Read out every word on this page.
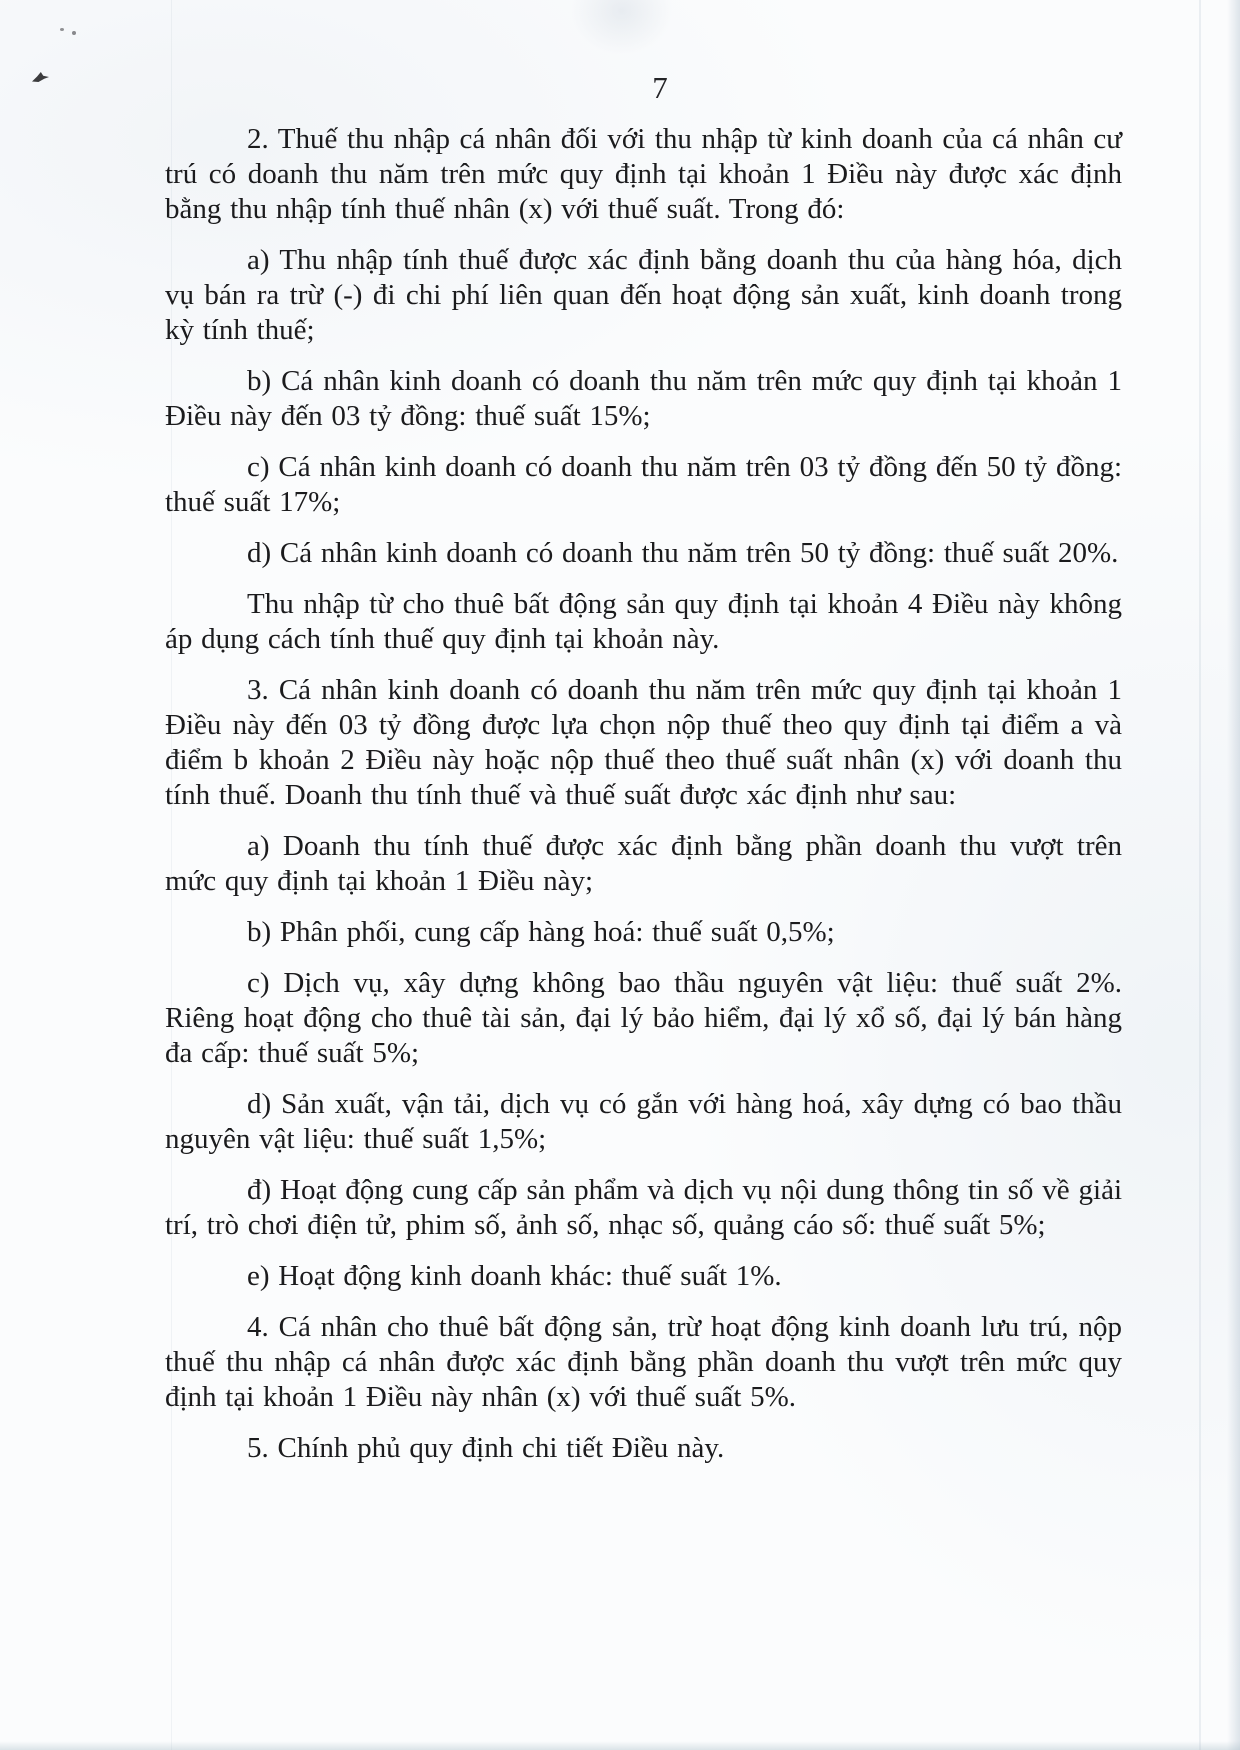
7

2. Thuế thu nhập cá nhân đối với thu nhập từ kinh doanh của cá nhân cư trú có doanh thu năm trên mức quy định tại khoản 1 Điều này được xác định bằng thu nhập tính thuế nhân (x) với thuế suất. Trong đó:

a) Thu nhập tính thuế được xác định bằng doanh thu của hàng hóa, dịch vụ bán ra trừ (-) đi chi phí liên quan đến hoạt động sản xuất, kinh doanh trong kỳ tính thuế;

b) Cá nhân kinh doanh có doanh thu năm trên mức quy định tại khoản 1 Điều này đến 03 tỷ đồng: thuế suất 15%;

c) Cá nhân kinh doanh có doanh thu năm trên 03 tỷ đồng đến 50 tỷ đồng: thuế suất 17%;

d) Cá nhân kinh doanh có doanh thu năm trên 50 tỷ đồng: thuế suất 20%.

Thu nhập từ cho thuê bất động sản quy định tại khoản 4 Điều này không áp dụng cách tính thuế quy định tại khoản này.

3. Cá nhân kinh doanh có doanh thu năm trên mức quy định tại khoản 1 Điều này đến 03 tỷ đồng được lựa chọn nộp thuế theo quy định tại điểm a và điểm b khoản 2 Điều này hoặc nộp thuế theo thuế suất nhân (x) với doanh thu tính thuế. Doanh thu tính thuế và thuế suất được xác định như sau:

a) Doanh thu tính thuế được xác định bằng phần doanh thu vượt trên mức quy định tại khoản 1 Điều này;

b) Phân phối, cung cấp hàng hoá: thuế suất 0,5%;

c) Dịch vụ, xây dựng không bao thầu nguyên vật liệu: thuế suất 2%. Riêng hoạt động cho thuê tài sản, đại lý bảo hiểm, đại lý xổ số, đại lý bán hàng đa cấp: thuế suất 5%;

d) Sản xuất, vận tải, dịch vụ có gắn với hàng hoá, xây dựng có bao thầu nguyên vật liệu: thuế suất 1,5%;

đ) Hoạt động cung cấp sản phẩm và dịch vụ nội dung thông tin số về giải trí, trò chơi điện tử, phim số, ảnh số, nhạc số, quảng cáo số: thuế suất 5%;

e) Hoạt động kinh doanh khác: thuế suất 1%.

4. Cá nhân cho thuê bất động sản, trừ hoạt động kinh doanh lưu trú, nộp thuế thu nhập cá nhân được xác định bằng phần doanh thu vượt trên mức quy định tại khoản 1 Điều này nhân (x) với thuế suất 5%.

5. Chính phủ quy định chi tiết Điều này.
